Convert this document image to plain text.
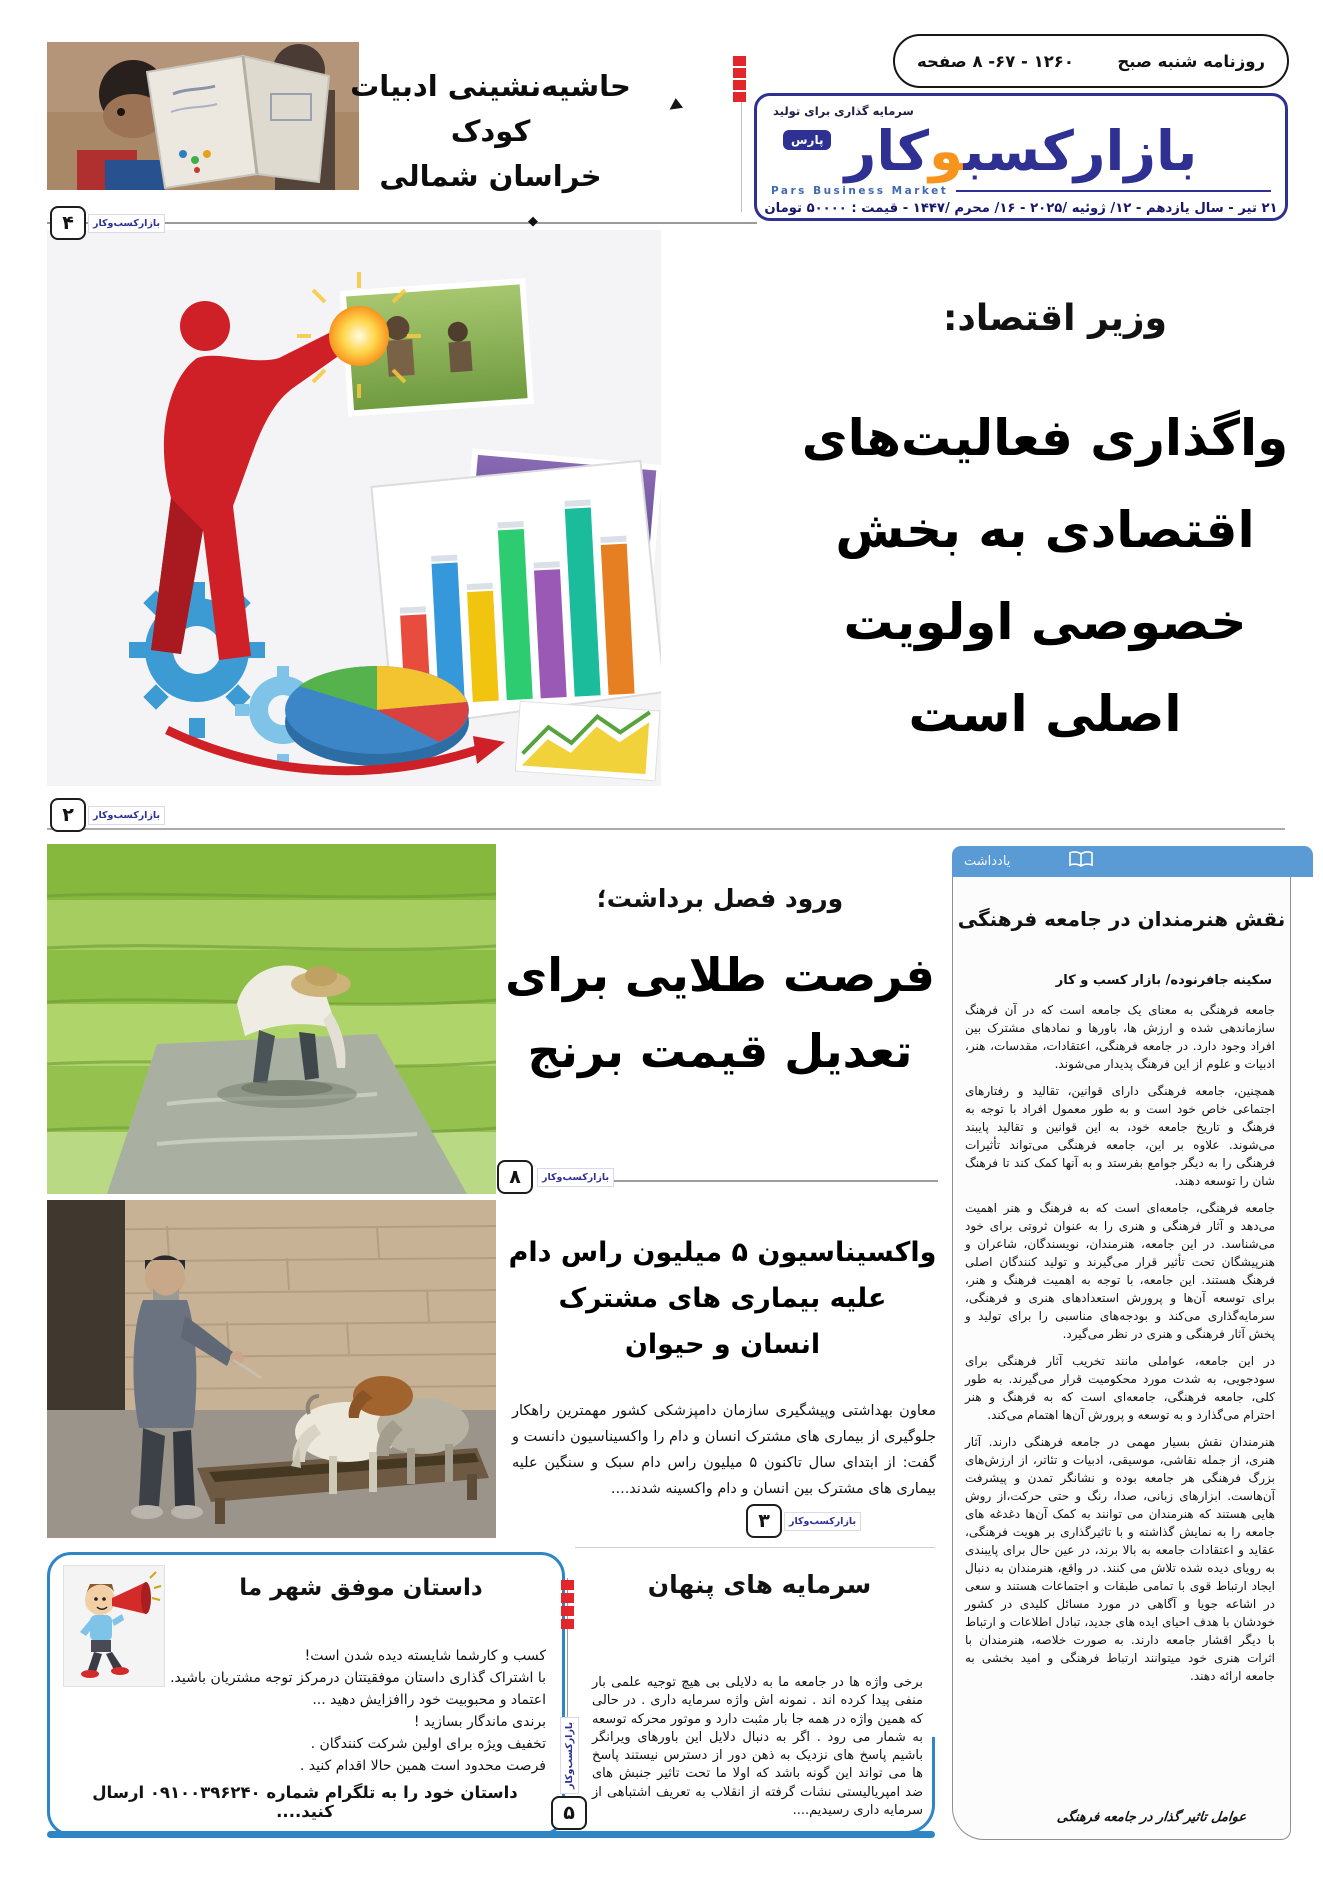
حاشیه‌نشینی ادبیات کودک
خراسان شمالی
روزنامه شنبه صبح
۱۲۶۰ - ۶۷- ۸ صفحه
سرمایه گذاری برای تولید
پارس	بازارکسبوکار
Pars Business Market
۲۱ تیر - سال یازدهم - ۱۲/ ژوئیه /۲۰۲۵ - ۱۶/ محرم /۱۴۴۷ - قیمت : ۵۰۰۰۰ تومان
◆
۴	بازارکسب‌وکار
وزیر اقتصاد:
واگذاری فعالیت‌های
اقتصادی به بخش
خصوصی اولویت
اصلی است
۲	بازارکسب‌وکار
ورود فصل برداشت؛
فرصت طلایی برای
تعدیل قیمت برنج
۸	بازارکسب‌وکار
یادداشت
نقش هنرمندان در جامعه فرهنگی
سکینه جافرنوده/ بازار کسب و کار

جامعه فرهنگی به معنای یک جامعه است که در آن فرهنگ سازماندهی شده و ارزش ها، باورها و نمادهای مشترک بین افراد وجود دارد. در جامعه فرهنگی، اعتقادات، مقدسات، هنر، ادبیات و علوم از این فرهنگ پدیدار می‌شوند.

همچنین، جامعه فرهنگی دارای قوانین، تقالید و رفتارهای اجتماعی خاص خود است و به طور معمول افراد با توجه به فرهنگ و تاریخ جامعه خود، به این قوانین و تقالید پایبند می‌شوند. علاوه بر این، جامعه فرهنگی می‌تواند تأثیرات فرهنگی را به دیگر جوامع بفرستد و به آنها کمک کند تا فرهنگ شان را توسعه دهند.

جامعه فرهنگی، جامعه‌ای است که به فرهنگ و هنر اهمیت می‌دهد و آثار فرهنگی و هنری را به عنوان ثروتی برای خود می‌شناسد. در این جامعه، هنرمندان، نویسندگان، شاعران و هنرپیشگان تحت تأثیر قرار می‌گیرند و تولید کنندگان اصلی فرهنگ هستند. این جامعه، با توجه به اهمیت فرهنگ و هنر، برای توسعه آن‌ها و پرورش استعدادهای هنری و فرهنگی، سرمایه‌گذاری می‌کند و بودجه‌های مناسبی را برای تولید و پخش آثار فرهنگی و هنری در نظر می‌گیرد.

در این جامعه، عواملی مانند تخریب آثار فرهنگی برای سودجویی، به شدت مورد محکومیت قرار می‌گیرند. به طور کلی، جامعه فرهنگی، جامعه‌ای است که به فرهنگ و هنر احترام می‌گذارد و به توسعه و پرورش آن‌ها اهتمام می‌کند.

هنرمندان نقش بسیار مهمی در جامعه فرهنگی دارند. آثار هنری، از جمله نقاشی، موسیقی، ادبیات و تئاتر، از ارزش‌های بزرگ فرهنگی هر جامعه بوده و نشانگر تمدن و پیشرفت آن‌هاست. ابزارهای زبانی، صدا، رنگ و حتی حرکت،از روش هایی هستند که هنرمندان می توانند به کمک آن‌ها دغدغه های جامعه را به نمایش گذاشته و با تاثیرگذاری بر هویت فرهنگی، عقاید و اعتقادات جامعه به بالا برند، در عین حال برای پایبندی به رویای دیده شده تلاش می کنند. در واقع، هنرمندان به دنبال ایجاد ارتباط قوی با تمامی طبقات و اجتماعات هستند و سعی در اشاعه جویا و آگاهی در مورد مسائل کلیدی در کشور خودشان با هدف احیای ایده های جدید، تبادل اطلاعات و ارتباط با دیگر اقشار جامعه دارند. به صورت خلاصه، هنرمندان با اثرات هنری خود میتوانند ارتباط فرهنگی و امید بخشی به جامعه ارائه دهند.

عوامل تاثیر گذار در جامعه فرهنگی
واکسیناسیون ۵ میلیون راس دام
علیه بیماری های مشترک
انسان و حیوان
معاون بهداشتی وپیشگیری سازمان دامپزشکی کشور مهمترین راهکار جلوگیری از بیماری های مشترک انسان و دام را واکسیناسیون دانست و گفت: از ابتدای سال تاکنون ۵ میلیون راس دام سبک و سنگین علیه بیماری های مشترک بین انسان و دام واکسینه شدند....
۳	بازارکسب‌وکار
داستان موفق شهر ما
کسب و کارشما شایسته دیده شدن است!
با اشتراک گذاری داستان موفقیتتان درمرکز توجه مشتریان باشید.
اعتماد و محبوبیت خود راافزایش دهید ...
برندی ماندگار بسازید !
تخفیف ویژه برای اولین شرکت کنندگان .
فرصت محدود است همین حالا اقدام کنید .
داستان خود را به تلگرام شماره ۰۹۱۰۰۳۹۶۲۴۰ ارسال کنید....
بازارکسب‌وکار
۵
سرمایه های پنهان
برخی واژه ها در جامعه ما به دلایلی بی هیچ توجیه علمی بار منفی پیدا کرده اند . نمونه اش واژه سرمایه داری . در حالی که همین واژه در همه جا بار مثبت دارد و موتور محرکه توسعه به شمار می رود . اگر به دنبال دلایل این باورهای ویرانگر باشیم پاسخ های نزدیک به ذهن دور از دسترس نیستند پاسخ ها می تواند این گونه باشد که اولا ما تحت تاثیر جنبش های ضد امپریالیستی نشات گرفته از انقلاب به تعریف اشتباهی از سرمایه داری رسیدیم....
